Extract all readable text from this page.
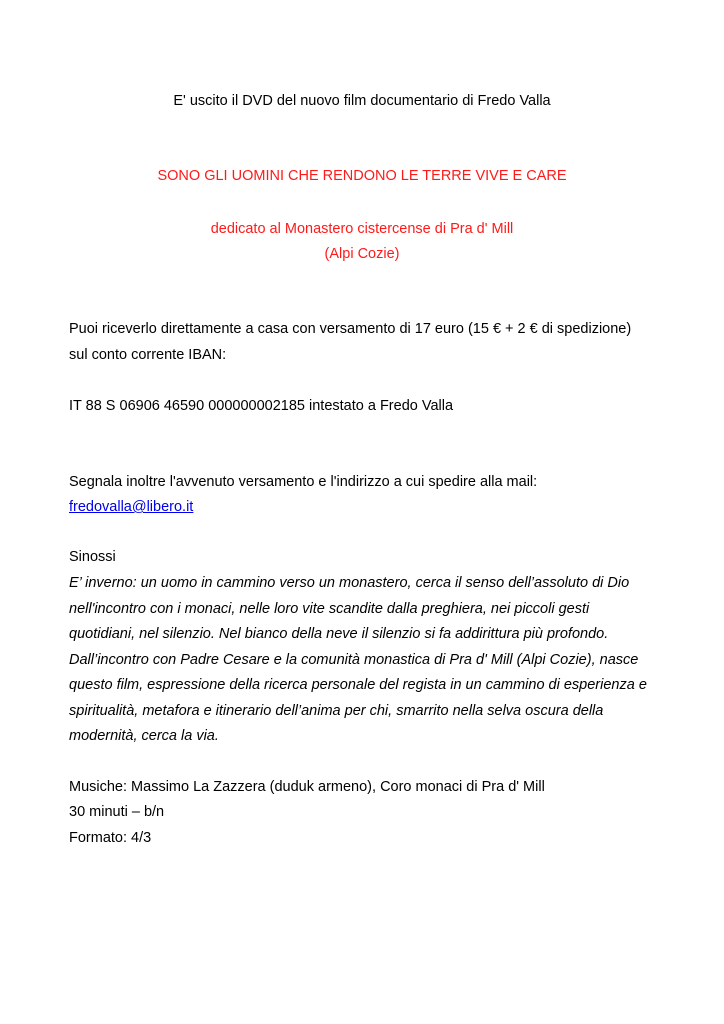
E' uscito il DVD del nuovo film documentario di Fredo Valla
SONO GLI UOMINI CHE RENDONO LE TERRE VIVE E CARE
dedicato al Monastero cistercense di Pra d' Mill
(Alpi Cozie)
Puoi riceverlo direttamente a casa con versamento di 17 euro (15 € + 2 € di spedizione)
sul conto corrente IBAN:
IT 88 S 06906 46590 000000002185 intestato a Fredo Valla
Segnala inoltre l'avvenuto versamento e l'indirizzo a cui spedire alla mail:
fredovalla@libero.it
Sinossi
E’ inverno: un uomo in cammino verso un monastero, cerca il senso dell’assoluto di Dio
nell'incontro con i monaci, nelle loro vite scandite dalla preghiera, nei piccoli gesti
quotidiani, nel silenzio. Nel bianco della neve il silenzio si fa addirittura più profondo.
Dall’incontro con Padre Cesare e la comunità monastica di Pra d' Mill (Alpi Cozie), nasce
questo film, espressione della ricerca personale del regista in un cammino di esperienza e
spiritualità, metafora e itinerario dell’anima per chi, smarrito nella selva oscura della
modernità, cerca la via.
Musiche: Massimo La Zazzera (duduk armeno), Coro monaci di Pra d' Mill
30 minuti – b/n
Formato: 4/3
